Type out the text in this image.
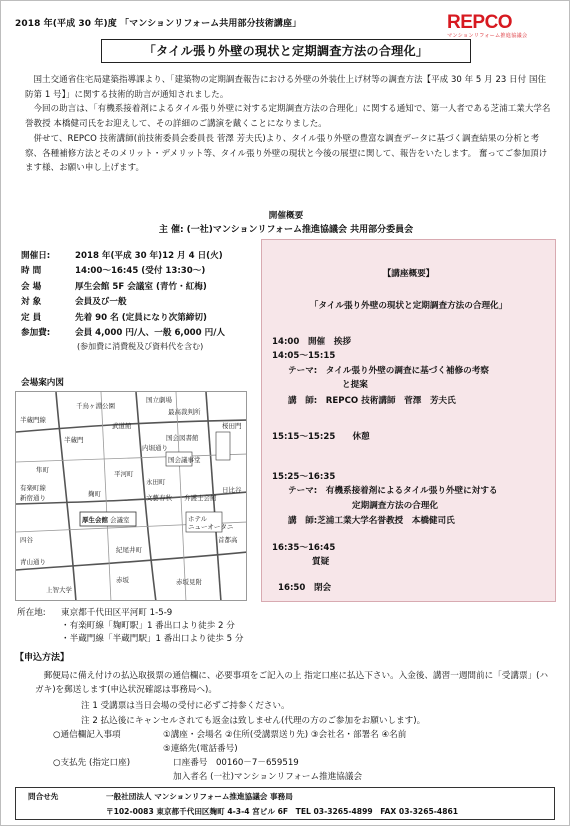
2018 年(平成 30 年)度 「マンションリフォーム共用部分技術講座」	REPCO
マンションリフォーム推進協議会
「タイル張り外壁の現状と定期調査方法の合理化」

国土交通省住宅局建築指導課より、「建築物の定期調査報告における外壁の外装仕上げ材等の調査方法【平成 30 年 5 月 23 日付 国住防第 1 号】」に関する技術的助言が通知されました。

今回の助言は、「有機系接着剤によるタイル張り外壁に対する定期調査方法の合理化」に関する通知で、第一人者である芝浦工業大学名誉教授 本橋健司氏をお迎えして、その詳細のご講演を戴くことになりました。

併せて、REPCO 技術講師(前技術委員会委員長 菅澤 芳夫氏)より、タイル張り外壁の豊富な調査データに基づく調査結果の分析と考察、各種補修方法とそのメリット・デメリット等、タイル張り外壁の現状と今後の展望に関して、報告をいたします。 奮ってご参加頂けます様、お願い申し上げます。

開催概要
主 催: (一社)マンションリフォーム推進協議会 共用部分委員会
開催日:	2018 年(平成 30 年)12 月 4 日(火)
時 間	14:00～16:45 (受付 13:30～)
会 場	厚生会館 5F 会議室 (青竹・紅梅)
対 象	会員及び一般
定 員	先着 90 名 (定員になり次第締切)
参加費:	会員 4,000 円/人、一般 6,000 円/人
(参加費に消費税及び資料代を含む)
【講座概要】
「タイル張り外壁の現状と定期調査方法の合理化」
14:00　開催　挨拶
14:05～15:15
テーマ:　タイル張り外壁の調査に基づく補修の考察
と提案
講　師:　REPCO 技術講師　菅澤　芳夫氏
15:15～15:25　　休憩
15:25～16:35
テーマ:　有機系接着剤によるタイル張り外壁に対する
定期調査方法の合理化
講　師:芝浦工業大学名誉教授　本橋健司氏
16:35～16:45
質疑
16:50　閉会
会場案内図
最高裁判所
国立劇場
国会図書館
千鳥ヶ淵公園
半蔵門線
半蔵門
麹町
有楽町線
永田町
厚生会館 会議室	ホテル
ニューオータニ
赤坂見附
日比谷
桜田門
文藝春秋 弁護士会館
国会議事堂
紀尾井町
四谷
赤坂
武道館
新宿通り
内堀通り
青山通り
首都高
隼町	平河町
上智大学
所在地: 東京都千代田区平河町 1-5-9
・有楽町線「麹町駅」1 番出口より徒歩 2 分
・半蔵門線「半蔵門駅」1 番出口より徒歩 5 分
【申込方法】

郵便局に備え付けの払込取扱票の通信欄に、必要事項をご記入の上 指定口座に払込下さい。入金後、講習一週間前に「受講票」(ハガキ)を郵送します(申込状況確認は事務局へ)。

注 1 受講票は当日会場の受付に必ずご持参ください。
注 2 払込後にキャンセルされても返金は致しません(代理の方のご参加をお願いします)。
○通信欄記入事項	①講座・会場名 ②住所(受講票送り先) ③会社名・部署名 ④名前
⑤連絡先(電話番号)
○支払先 (指定口座)	口座番号　00160－7－659519
加入者名 (一社)マンションリフォーム推進協議会
問合せ先	一般社団法人 マンションリフォーム推進協議会 事務局
〒102-0083 東京都千代田区麹町 4-3-4 宮ビル 6F　TEL 03-3265-4899　FAX 03-3265-4861
